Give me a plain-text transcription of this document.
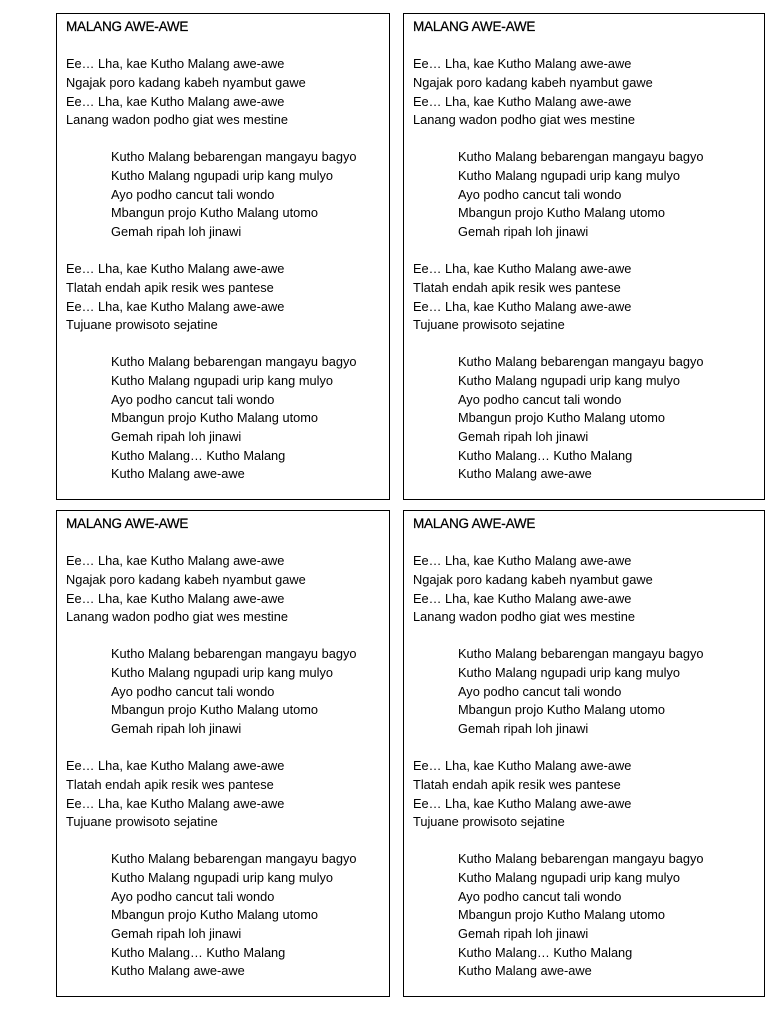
MALANG AWE-AWE
Ee… Lha, kae Kutho Malang awe-awe
Ngajak poro kadang kabeh nyambut gawe
Ee… Lha, kae Kutho Malang awe-awe
Lanang wadon podho giat wes mestine
Kutho Malang bebarengan mangayu bagyo
Kutho Malang ngupadi urip kang mulyo
Ayo podho cancut tali wondo
Mbangun projo Kutho Malang utomo
Gemah ripah loh jinawi
Ee… Lha, kae Kutho Malang awe-awe
Tlatah endah apik resik wes pantese
Ee… Lha, kae Kutho Malang awe-awe
Tujuane prowisoto sejatine
Kutho Malang bebarengan mangayu bagyo
Kutho Malang ngupadi urip kang mulyo
Ayo podho cancut tali wondo
Mbangun projo Kutho Malang utomo
Gemah ripah loh jinawi
Kutho Malang… Kutho Malang
Kutho Malang awe-awe
MALANG AWE-AWE
Ee… Lha, kae Kutho Malang awe-awe
Ngajak poro kadang kabeh nyambut gawe
Ee… Lha, kae Kutho Malang awe-awe
Lanang wadon podho giat wes mestine
Kutho Malang bebarengan mangayu bagyo
Kutho Malang ngupadi urip kang mulyo
Ayo podho cancut tali wondo
Mbangun projo Kutho Malang utomo
Gemah ripah loh jinawi
Ee… Lha, kae Kutho Malang awe-awe
Tlatah endah apik resik wes pantese
Ee… Lha, kae Kutho Malang awe-awe
Tujuane prowisoto sejatine
Kutho Malang bebarengan mangayu bagyo
Kutho Malang ngupadi urip kang mulyo
Ayo podho cancut tali wondo
Mbangun projo Kutho Malang utomo
Gemah ripah loh jinawi
Kutho Malang… Kutho Malang
Kutho Malang awe-awe
MALANG AWE-AWE
Ee… Lha, kae Kutho Malang awe-awe
Ngajak poro kadang kabeh nyambut gawe
Ee… Lha, kae Kutho Malang awe-awe
Lanang wadon podho giat wes mestine
Kutho Malang bebarengan mangayu bagyo
Kutho Malang ngupadi urip kang mulyo
Ayo podho cancut tali wondo
Mbangun projo Kutho Malang utomo
Gemah ripah loh jinawi
Ee… Lha, kae Kutho Malang awe-awe
Tlatah endah apik resik wes pantese
Ee… Lha, kae Kutho Malang awe-awe
Tujuane prowisoto sejatine
Kutho Malang bebarengan mangayu bagyo
Kutho Malang ngupadi urip kang mulyo
Ayo podho cancut tali wondo
Mbangun projo Kutho Malang utomo
Gemah ripah loh jinawi
Kutho Malang… Kutho Malang
Kutho Malang awe-awe
MALANG AWE-AWE
Ee… Lha, kae Kutho Malang awe-awe
Ngajak poro kadang kabeh nyambut gawe
Ee… Lha, kae Kutho Malang awe-awe
Lanang wadon podho giat wes mestine
Kutho Malang bebarengan mangayu bagyo
Kutho Malang ngupadi urip kang mulyo
Ayo podho cancut tali wondo
Mbangun projo Kutho Malang utomo
Gemah ripah loh jinawi
Ee… Lha, kae Kutho Malang awe-awe
Tlatah endah apik resik wes pantese
Ee… Lha, kae Kutho Malang awe-awe
Tujuane prowisoto sejatine
Kutho Malang bebarengan mangayu bagyo
Kutho Malang ngupadi urip kang mulyo
Ayo podho cancut tali wondo
Mbangun projo Kutho Malang utomo
Gemah ripah loh jinawi
Kutho Malang… Kutho Malang
Kutho Malang awe-awe
